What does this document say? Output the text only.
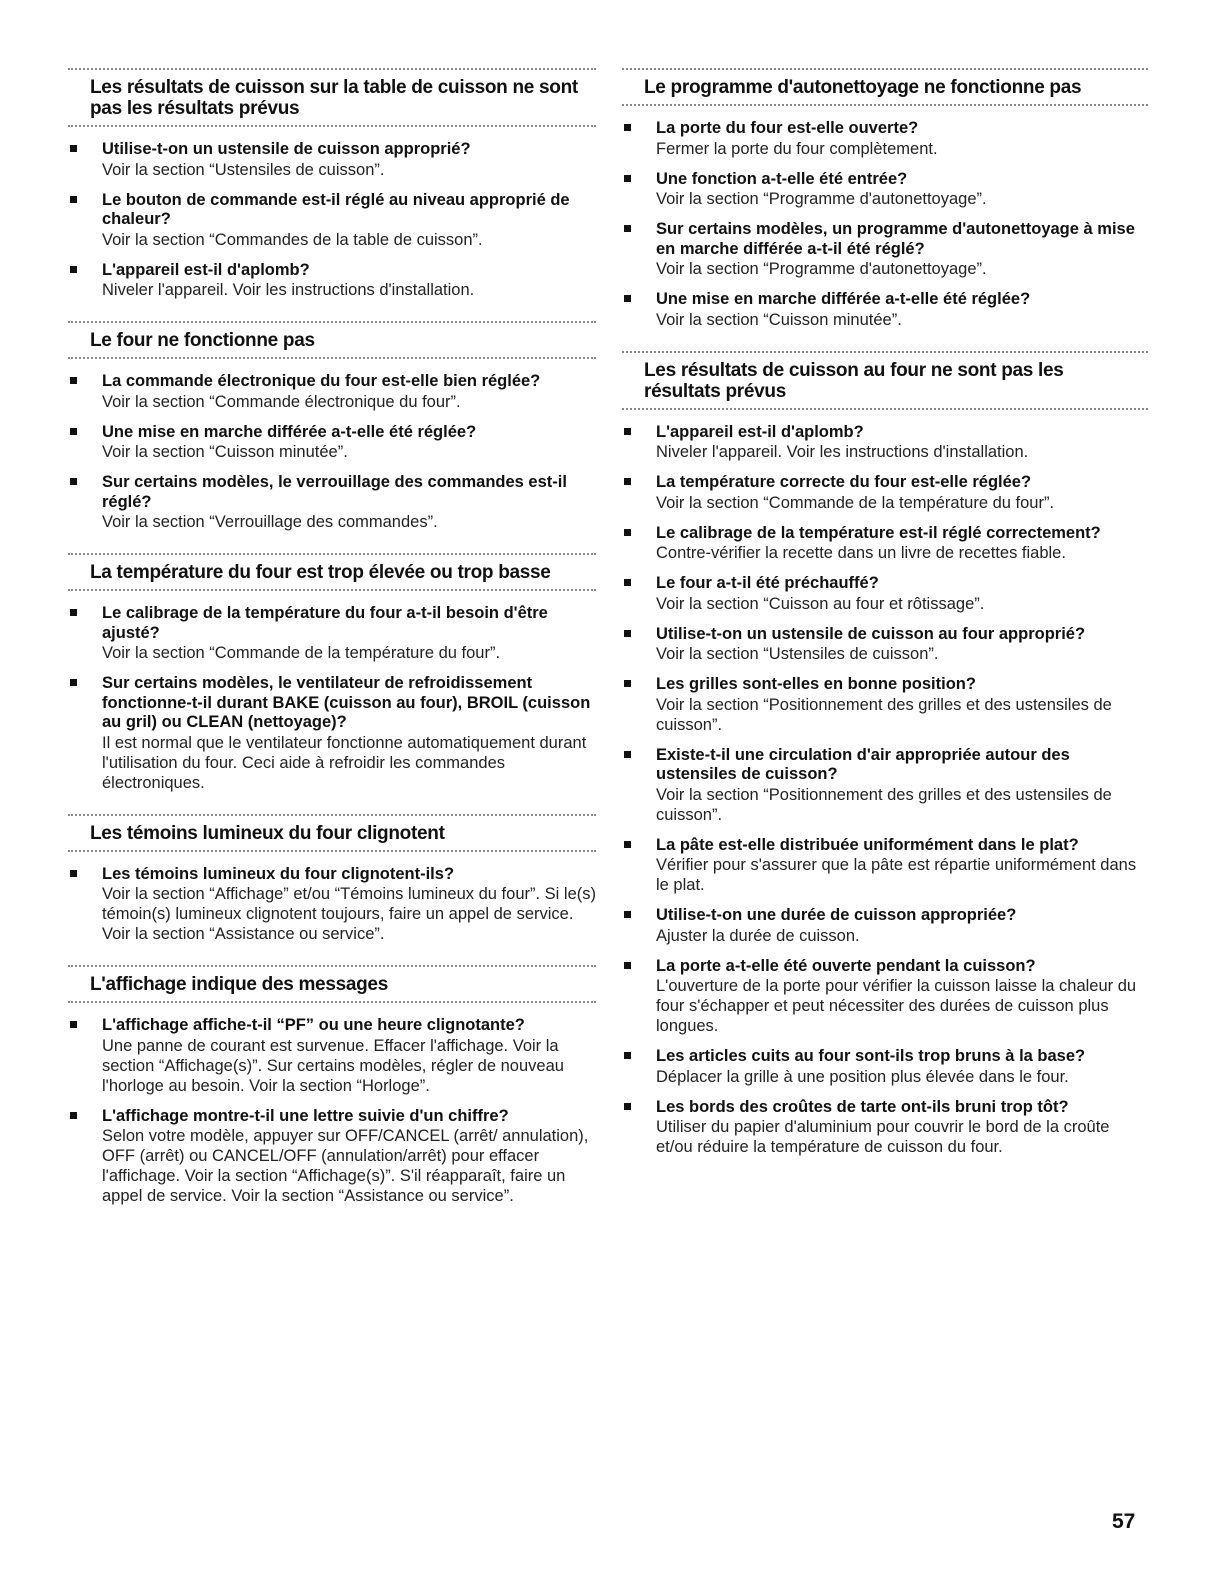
Les résultats de cuisson sur la table de cuisson ne sont pas les résultats prévus
Utilise-t-on un ustensile de cuisson approprié?
Voir la section “Ustensiles de cuisson”.
Le bouton de commande est-il réglé au niveau approprié de chaleur?
Voir la section “Commandes de la table de cuisson”.
L'appareil est-il d'aplomb?
Niveler l'appareil. Voir les instructions d'installation.
Le four ne fonctionne pas
La commande électronique du four est-elle bien réglée?
Voir la section “Commande électronique du four”.
Une mise en marche différée a-t-elle été réglée?
Voir la section “Cuisson minutée”.
Sur certains modèles, le verrouillage des commandes est-il réglé?
Voir la section “Verrouillage des commandes”.
La température du four est trop élevée ou trop basse
Le calibrage de la température du four a-t-il besoin d'être ajusté?
Voir la section “Commande de la température du four”.
Sur certains modèles, le ventilateur de refroidissement fonctionne-t-il durant BAKE (cuisson au four), BROIL (cuisson au gril) ou CLEAN (nettoyage)?
Il est normal que le ventilateur fonctionne automatiquement durant l'utilisation du four. Ceci aide à refroidir les commandes électroniques.
Les témoins lumineux du four clignotent
Les témoins lumineux du four clignotent-ils?
Voir la section “Affichage” et/ou “Témoins lumineux du four”. Si le(s) témoin(s) lumineux clignotent toujours, faire un appel de service. Voir la section “Assistance ou service”.
L'affichage indique des messages
L'affichage affiche-t-il “PF” ou une heure clignotante?
Une panne de courant est survenue. Effacer l'affichage. Voir la section “Affichage(s)”. Sur certains modèles, régler de nouveau l'horloge au besoin. Voir la section “Horloge”.
L'affichage montre-t-il une lettre suivie d'un chiffre?
Selon votre modèle, appuyer sur OFF/CANCEL (arrêt/ annulation), OFF (arrêt) ou CANCEL/OFF (annulation/arrêt) pour effacer l'affichage. Voir la section “Affichage(s)”. S'il réapparaît, faire un appel de service. Voir la section “Assistance ou service”.
Le programme d'autonettoyage ne fonctionne pas
La porte du four est-elle ouverte?
Fermer la porte du four complètement.
Une fonction a-t-elle été entrée?
Voir la section “Programme d'autonettoyage”.
Sur certains modèles, un programme d'autonettoyage à mise en marche différée a-t-il été réglé?
Voir la section “Programme d'autonettoyage”.
Une mise en marche différée a-t-elle été réglée?
Voir la section “Cuisson minutée”.
Les résultats de cuisson au four ne sont pas les résultats prévus
L'appareil est-il d'aplomb?
Niveler l'appareil. Voir les instructions d'installation.
La température correcte du four est-elle réglée?
Voir la section “Commande de la température du four”.
Le calibrage de la température est-il réglé correctement?
Contre-vérifier la recette dans un livre de recettes fiable.
Le four a-t-il été préchauffé?
Voir la section “Cuisson au four et rôtissage”.
Utilise-t-on un ustensile de cuisson au four approprié?
Voir la section “Ustensiles de cuisson”.
Les grilles sont-elles en bonne position?
Voir la section “Positionnement des grilles et des ustensiles de cuisson”.
Existe-t-il une circulation d'air appropriée autour des ustensiles de cuisson?
Voir la section “Positionnement des grilles et des ustensiles de cuisson”.
La pâte est-elle distribuée uniformément dans le plat?
Vérifier pour s'assurer que la pâte est répartie uniformément dans le plat.
Utilise-t-on une durée de cuisson appropriée?
Ajuster la durée de cuisson.
La porte a-t-elle été ouverte pendant la cuisson?
L'ouverture de la porte pour vérifier la cuisson laisse la chaleur du four s'échapper et peut nécessiter des durées de cuisson plus longues.
Les articles cuits au four sont-ils trop bruns à la base?
Déplacer la grille à une position plus élevée dans le four.
Les bords des croûtes de tarte ont-ils bruni trop tôt?
Utiliser du papier d'aluminium pour couvrir le bord de la croûte et/ou réduire la température de cuisson du four.
57
